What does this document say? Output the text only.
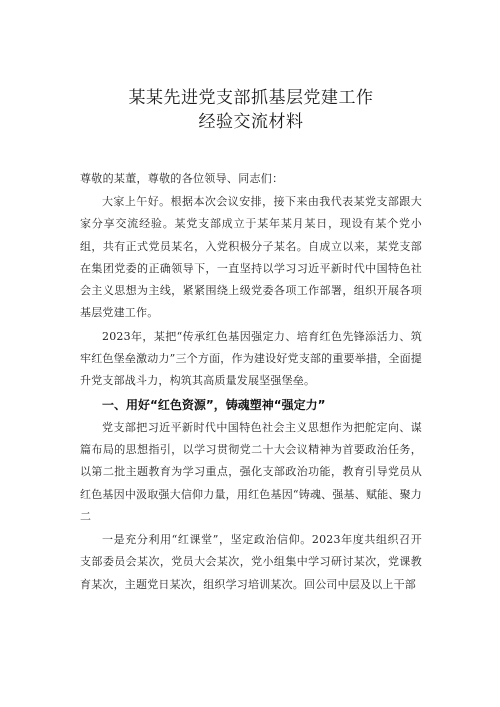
某某先进党支部抓基层党建工作
经验交流材料
尊敬的某董，尊敬的各位领导、同志们：

大家上午好。根据本次会议安排，接下来由我代表某党支部跟大家分享交流经验。某党支部成立于某年某月某日，现设有某个党小组，共有正式党员某名，入党积极分子某名。自成立以来，某党支部在集团党委的正确领导下，一直坚持以学习习近平新时代中国特色社会主义思想为主线，紧紧围绕上级党委各项工作部署，组织开展各项基层党建工作。

2023年，某把“传承红色基因强定力、培育红色先锋添活力、筑牢红色堡垒激动力”三个方面，作为建设好党支部的重要举措，全面提升党支部战斗力，构筑其高质量发展坚强堡垒。

一、用好“红色资源”，铸魂塑神“强定力”

党支部把习近平新时代中国特色社会主义思想作为把舵定向、谋篇布局的思想指引，以学习贯彻党二十大会议精神为首要政治任务，以第二批主题教育为学习重点，强化支部政治功能，教育引导党员从红色基因中汲取强大信仰力量，用红色基因“铸魂、强基、赋能、聚力二

一是充分利用“红课堂”，坚定政治信仰。2023年度共组织召开支部委员会某次，党员大会某次，党小组集中学习研讨某次，党课教育某次，主题党日某次，组织学习培训某次。回公司中层及以上干部
